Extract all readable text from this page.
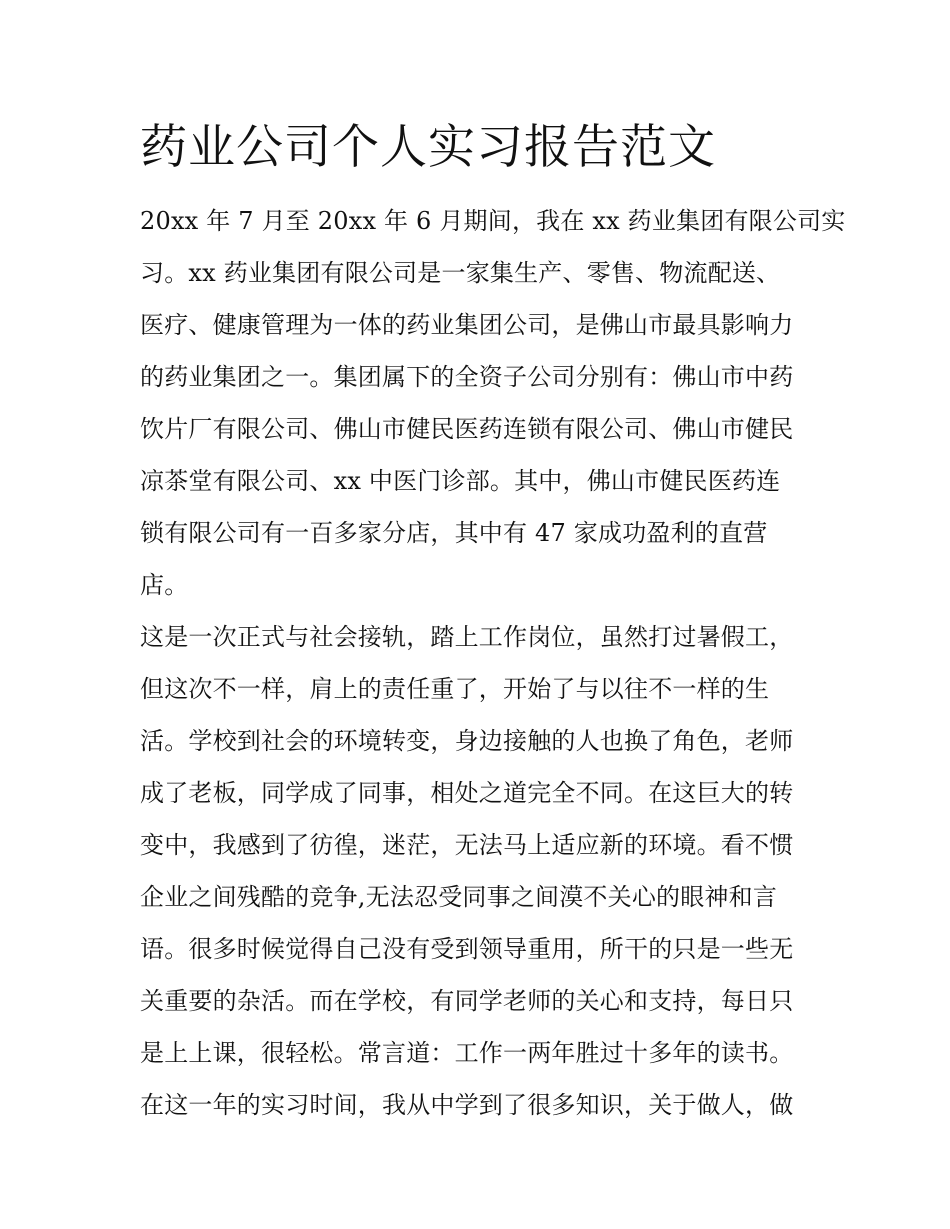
药业公司个人实习报告范文
20xx 年 7 月至 20xx 年 6 月期间，我在 xx 药业集团有限公司实
习。xx 药业集团有限公司是一家集生产、零售、物流配送、
医疗、健康管理为一体的药业集团公司，是佛山市最具影响力
的药业集团之一。集团属下的全资子公司分别有：佛山市中药
饮片厂有限公司、佛山市健民医药连锁有限公司、佛山市健民
凉茶堂有限公司、xx 中医门诊部。其中，佛山市健民医药连
锁有限公司有一百多家分店，其中有 47 家成功盈利的直营
店。
这是一次正式与社会接轨，踏上工作岗位，虽然打过暑假工，
但这次不一样，肩上的责任重了，开始了与以往不一样的生
活。学校到社会的环境转变，身边接触的人也换了角色，老师
成了老板，同学成了同事，相处之道完全不同。在这巨大的转
变中，我感到了彷徨，迷茫，无法马上适应新的环境。看不惯
企业之间残酷的竞争,无法忍受同事之间漠不关心的眼神和言
语。很多时候觉得自己没有受到领导重用，所干的只是一些无
关重要的杂活。而在学校，有同学老师的关心和支持，每日只
是上上课，很轻松。常言道：工作一两年胜过十多年的读书。
在这一年的实习时间，我从中学到了很多知识，关于做人，做
